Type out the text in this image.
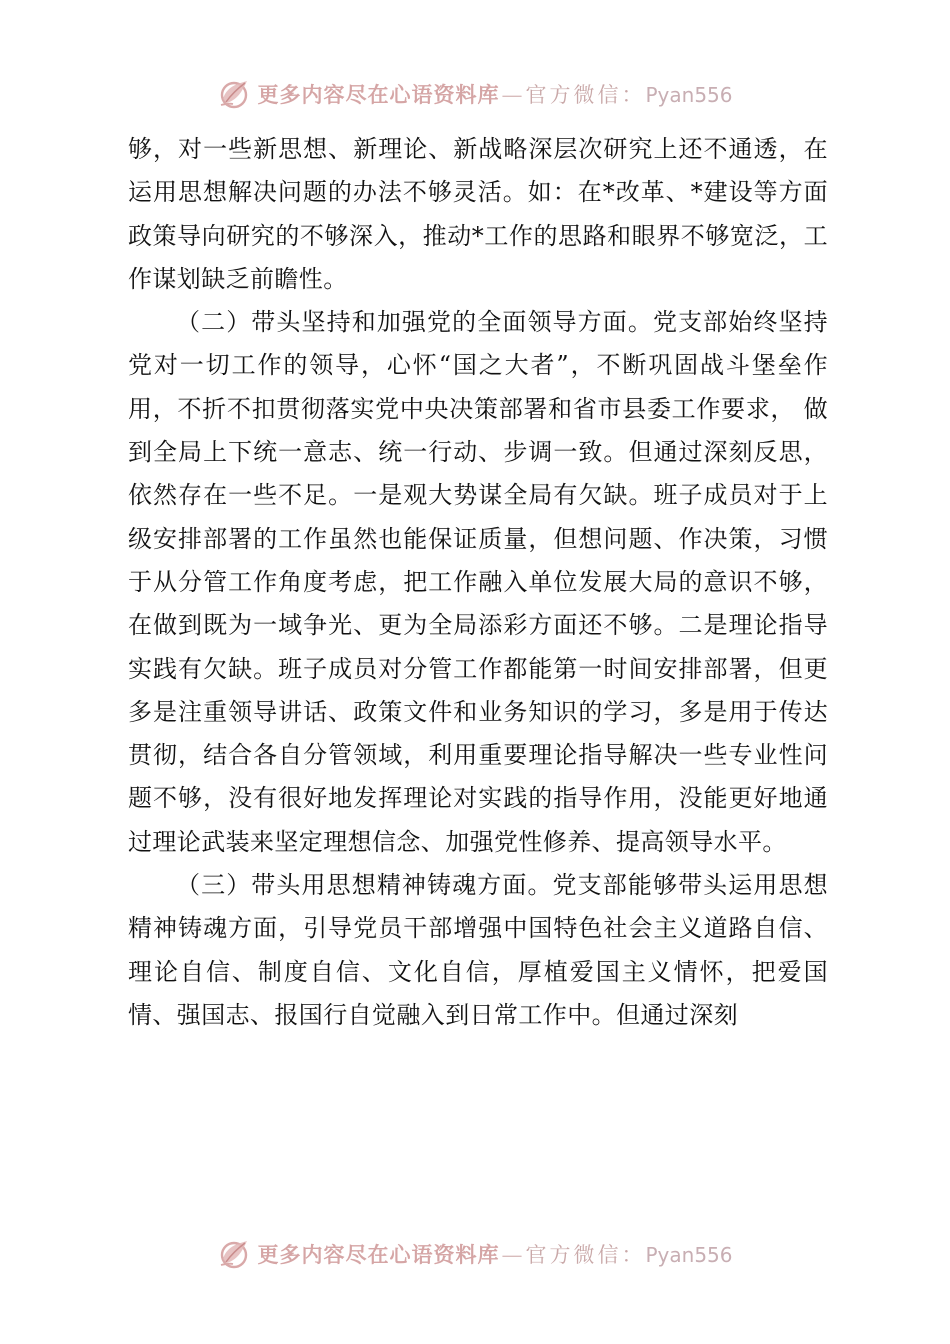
更多内容尽在心语资料库—官方微信：Pyan556

够，对一些新思想、新理论、新战略深层次研究上还不通透，在运用思想解决问题的办法不够灵活。如：在*改革、*建设等方面政策导向研究的不够深入，推动*工作的思路和眼界不够宽泛，工作谋划缺乏前瞻性。

（二）带头坚持和加强党的全面领导方面。党支部始终坚持党对一切工作的领导，心怀“国之大者”，不断巩固战斗堡垒作用，不折不扣贯彻落实党中央决策部署和省市县委工作要求， 做到全局上下统一意志、统一行动、步调一致。但通过深刻反思，依然存在一些不足。一是观大势谋全局有欠缺。班子成员对于上级安排部署的工作虽然也能保证质量，但想问题、作决策，习惯于从分管工作角度考虑，把工作融入单位发展大局的意识不够，在做到既为一域争光、更为全局添彩方面还不够。二是理论指导实践有欠缺。班子成员对分管工作都能第一时间安排部署，但更多是注重领导讲话、政策文件和业务知识的学习，多是用于传达贯彻，结合各自分管领域，利用重要理论指导解决一些专业性问题不够，没有很好地发挥理论对实践的指导作用，没能更好地通过理论武装来坚定理想信念、加强党性修养、提高领导水平。

（三）带头用思想精神铸魂方面。党支部能够带头运用思想精神铸魂方面，引导党员干部增强中国特色社会主义道路自信、理论自信、制度自信、文化自信，厚植爱国主义情怀，把爱国情、强国志、报国行自觉融入到日常工作中。但通过深刻

更多内容尽在心语资料库—官方微信：Pyan556
